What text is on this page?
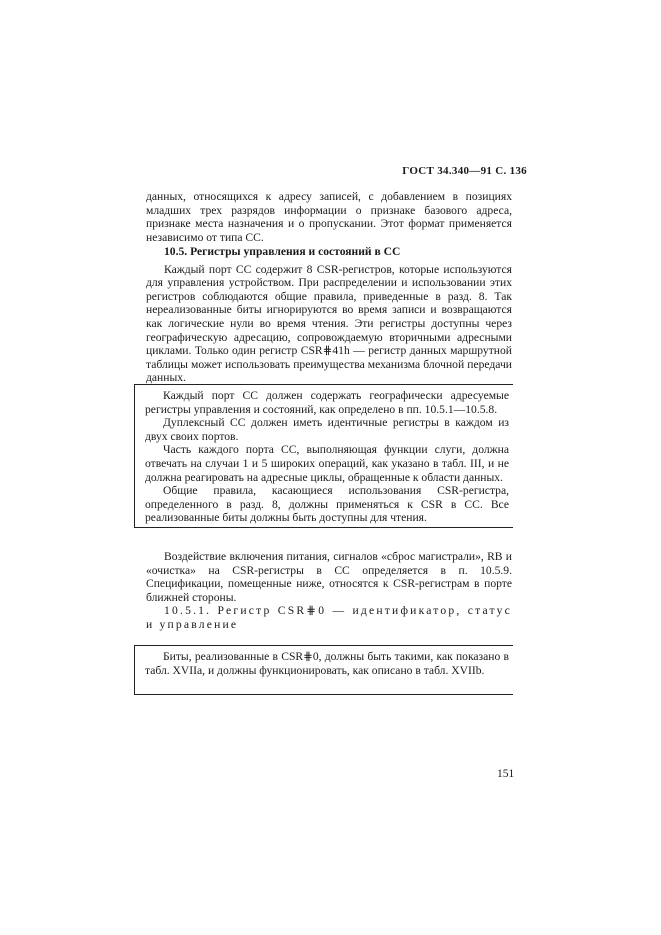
ГОСТ 34.340—91 С. 136

данных, относящихся к адресу записей, с добавлением в позициях младших трех разрядов информации о признаке базового адреса, признаке места назначения и о пропускании. Этот формат применяется независимо от типа СС.

10.5. Регистры управления и состояний в СС

Каждый порт СС содержит 8 CSR-регистров, которые используются для управления устройством. При распределении и использовании этих регистров соблюдаются общие правила, приведенные в разд. 8. Так нереализованные биты игнорируются во время записи и возвращаются как логические нули во время чтения. Эти регистры доступны через географическую адресацию, сопровождаемую вторичными адресными циклами. Только один регистр CSR⋕41h — регистр данных маршрутной таблицы может использовать преимущества механизма блочной передачи данных.

Каждый порт СС должен содержать географически адресуемые регистры управления и состояний, как определено в пп. 10.5.1—10.5.8.

Дуплексный СС должен иметь идентичные регистры в каждом из двух своих портов.

Часть каждого порта СС, выполняющая функции слуги, должна отвечать на случаи 1 и 5 широких операций, как указано в табл. III, и не должна реагировать на адресные циклы, обращенные к области данных.

Общие правила, касающиеся использования CSR-регистра, определенного в разд. 8, должны применяться к CSR в СС. Все реализованные биты должны быть доступны для чтения.

Воздействие включения питания, сигналов «сброс магистрали», RB и «очистка» на CSR-регистры в СС определяется в п. 10.5.9. Спецификации, помещенные ниже, относятся к CSR-регистрам в порте ближней стороны.

10.5.1. Регистр CSR⋕0 — идентификатор, статус и управление

Биты, реализованные в CSR⋕0, должны быть такими, как показано в табл. XVIIa, и должны функционировать, как описано в табл. XVIIb.

151
